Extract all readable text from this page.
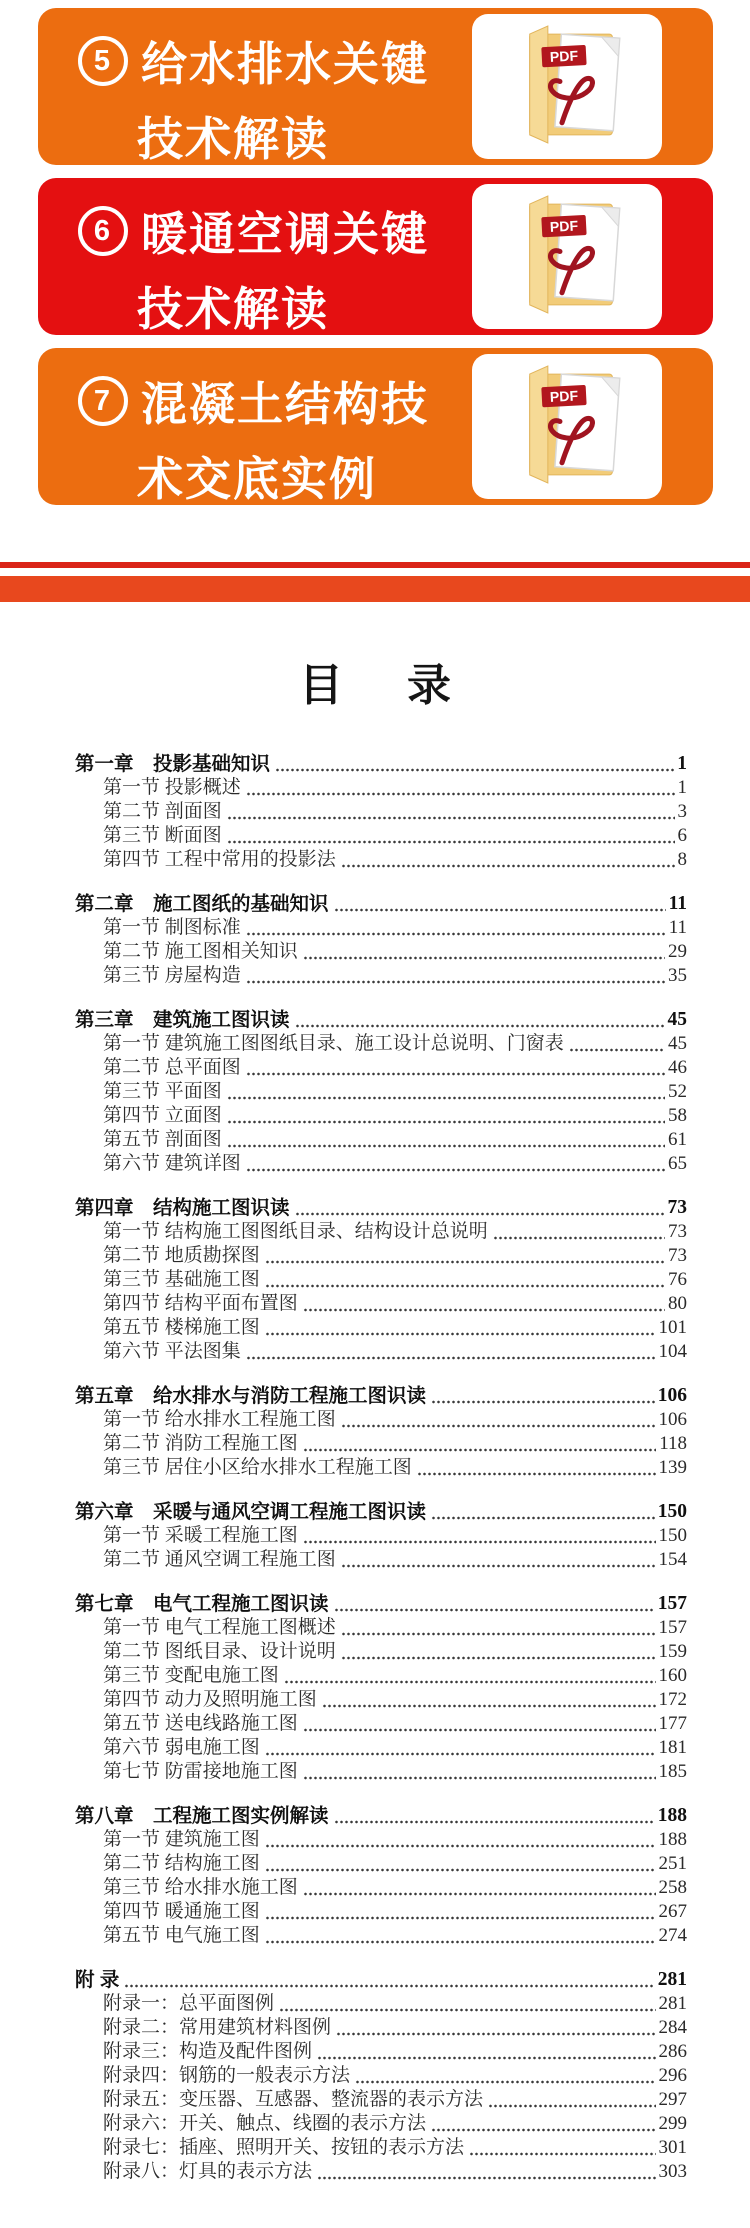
5 给水排水关键
技术解读
PDF
6 暖通空调关键
技术解读
PDF
7 混凝土结构技
术交底实例
PDF
目 录
第一章　投影基础知识	1
第一节 投影概述	1
第二节 剖面图	3
第三节 断面图	6
第四节 工程中常用的投影法	8
第二章　施工图纸的基础知识	11
第一节 制图标准	11
第二节 施工图相关知识	29
第三节 房屋构造	35
第三章　建筑施工图识读	45
第一节 建筑施工图图纸目录、施工设计总说明、门窗表	45
第二节 总平面图	46
第三节 平面图	52
第四节 立面图	58
第五节 剖面图	61
第六节 建筑详图	65
第四章　结构施工图识读	73
第一节 结构施工图图纸目录、结构设计总说明	73
第二节 地质勘探图	73
第三节 基础施工图	76
第四节 结构平面布置图	80
第五节 楼梯施工图	101
第六节 平法图集	104
第五章　给水排水与消防工程施工图识读	106
第一节 给水排水工程施工图	106
第二节 消防工程施工图	118
第三节 居住小区给水排水工程施工图	139
第六章　采暖与通风空调工程施工图识读	150
第一节 采暖工程施工图	150
第二节 通风空调工程施工图	154
第七章　电气工程施工图识读	157
第一节 电气工程施工图概述	157
第二节 图纸目录、设计说明	159
第三节 变配电施工图	160
第四节 动力及照明施工图	172
第五节 送电线路施工图	177
第六节 弱电施工图	181
第七节 防雷接地施工图	185
第八章　工程施工图实例解读	188
第一节 建筑施工图	188
第二节 结构施工图	251
第三节 给水排水施工图	258
第四节 暖通施工图	267
第五节 电气施工图	274
附 录	281
附录一：总平面图例	281
附录二：常用建筑材料图例	284
附录三：构造及配件图例	286
附录四：钢筋的一般表示方法	296
附录五：变压器、互感器、整流器的表示方法	297
附录六：开关、触点、线圈的表示方法	299
附录七：插座、照明开关、按钮的表示方法	301
附录八：灯具的表示方法	303
